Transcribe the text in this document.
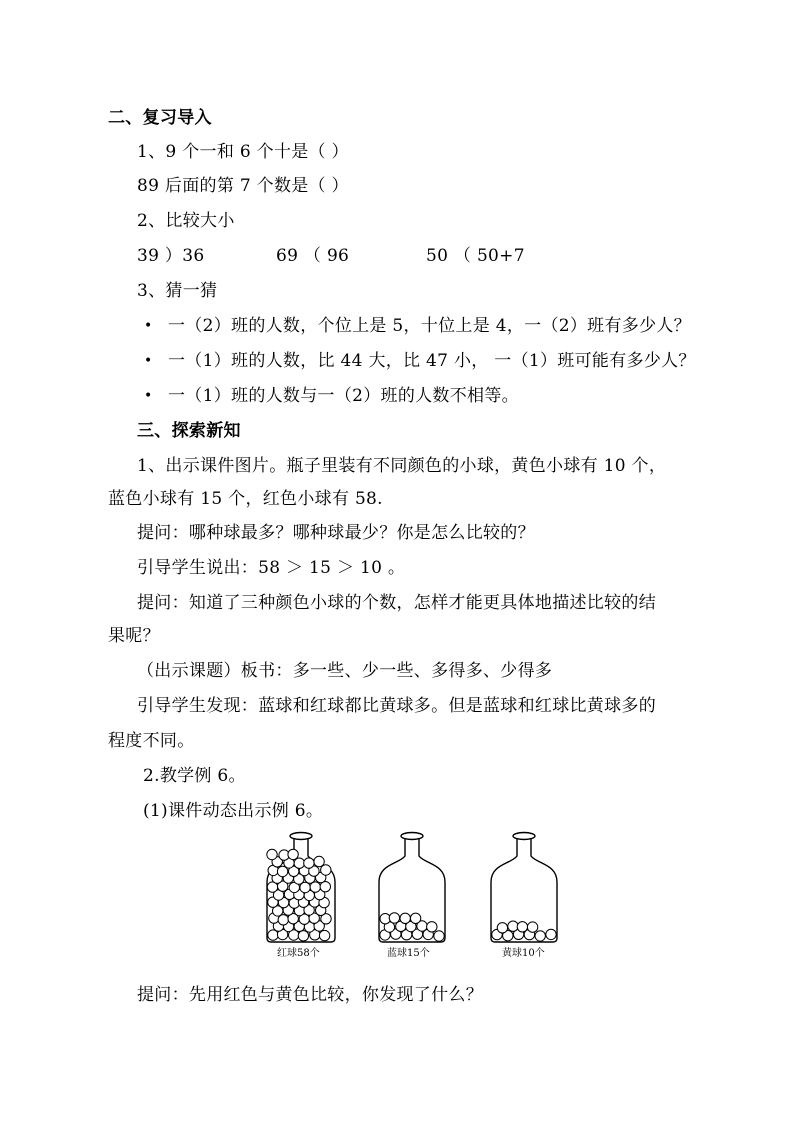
二、复习导入
1、9 个一和 6 个十是（ ）
89 后面的第 7 个数是（ ）
2、比较大小
39 ）36	69 （ 96	50 （ 50+7
3、猜一猜
• 一（2）班的人数，个位上是 5，十位上是 4，一（2）班有多少人？
• 一（1）班的人数，比 44 大，比 47 小， 一（1）班可能有多少人？
• 一（1）班的人数与一（2）班的人数不相等。
三、探索新知
1、出示课件图片。瓶子里装有不同颜色的小球，黄色小球有 10 个，
蓝色小球有 15 个，红色小球有 58.
提问：哪种球最多？哪种球最少？你是怎么比较的？
引导学生说出：58 ＞ 15 ＞ 10 。
提问：知道了三种颜色小球的个数，怎样才能更具体地描述比较的结
果呢？
（出示课题）板书：多一些、少一些、多得多、少得多
引导学生发现：蓝球和红球都比黄球多。但是蓝球和红球比黄球多的
程度不同。
2.教学例 6。
(1)课件动态出示例 6。
红球58个	蓝球15个	黄球10个
提问：先用红色与黄色比较，你发现了什么？
